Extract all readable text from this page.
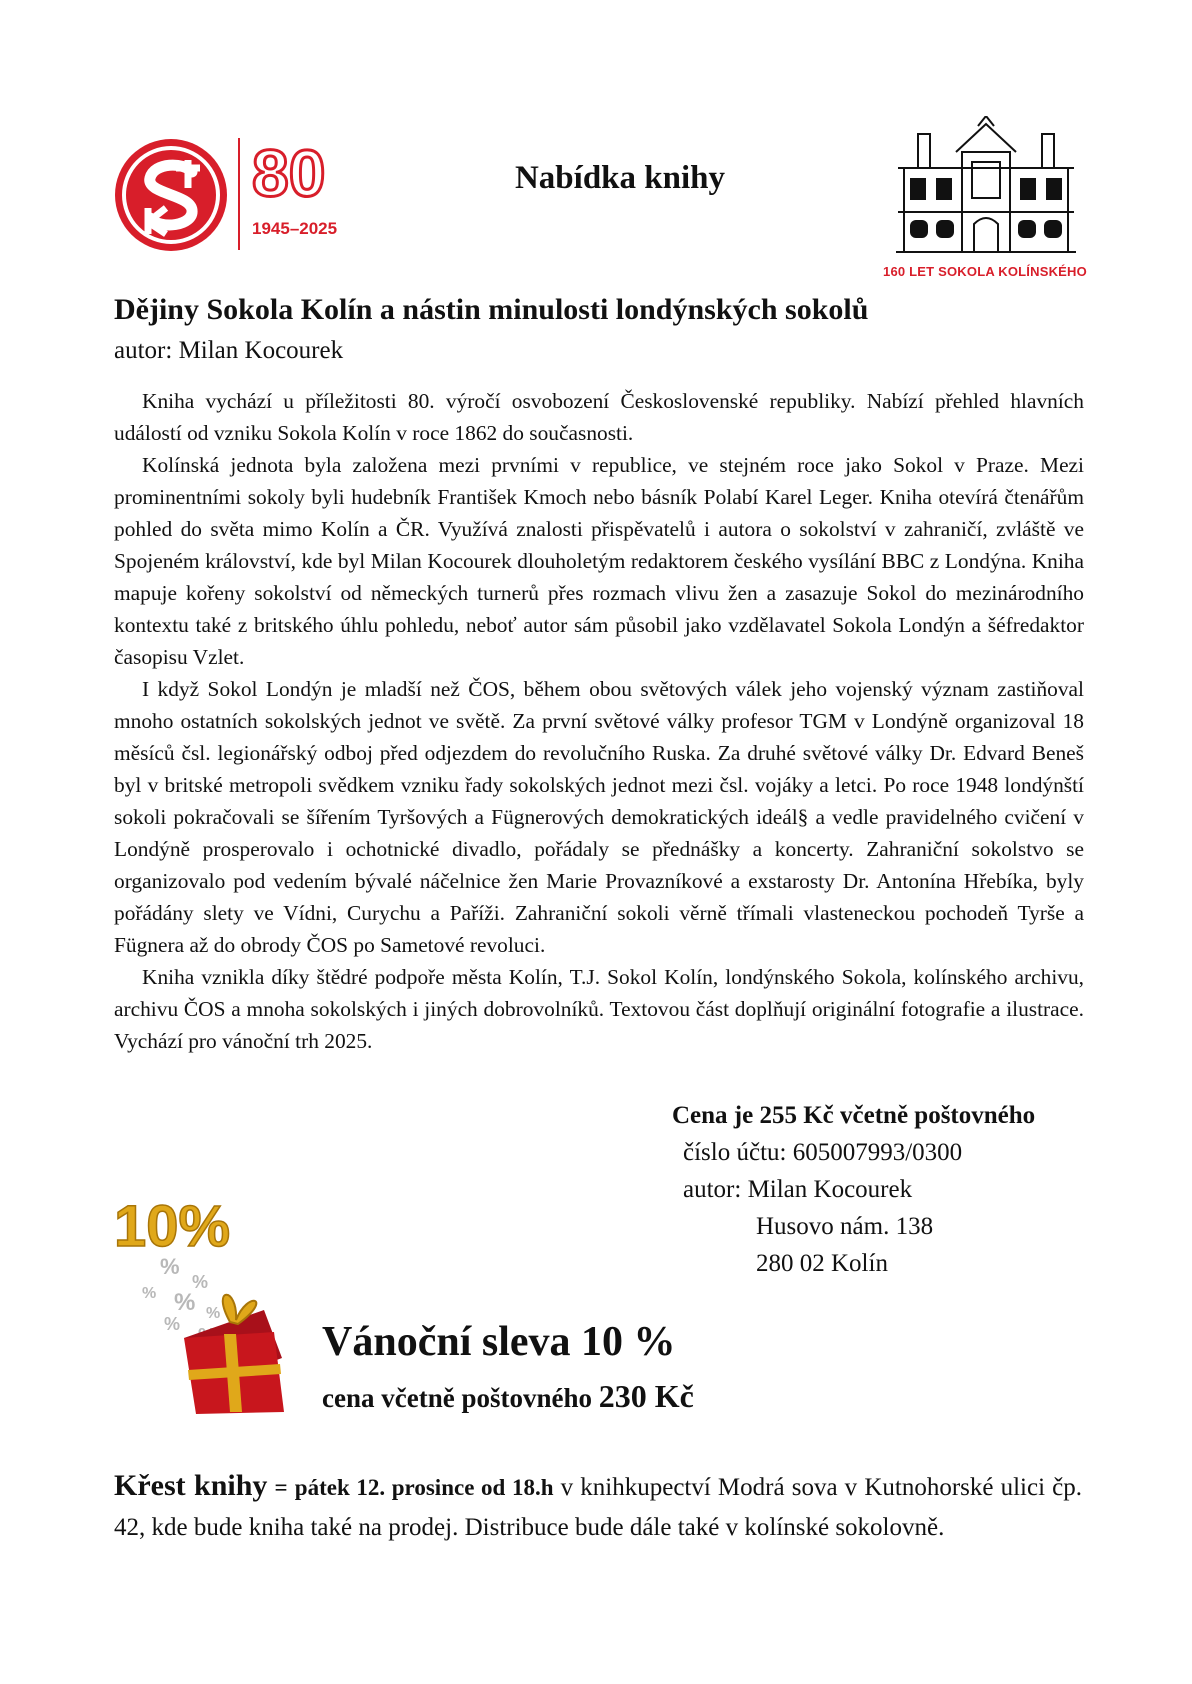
80
1945–2025
Nabídka knihy
160 LET SOKOLA KOLÍNSKÉHO
Dějiny Sokola Kolín a nástin minulosti londýnských sokolů
autor: Milan Kocourek

Kniha vychází u příležitosti 80. výročí osvobození Československé republiky. Nabízí přehled hlavních událostí od vzniku Sokola Kolín v roce 1862 do současnosti.

Kolínská jednota byla založena mezi prvními v republice, ve stejném roce jako Sokol v Praze. Mezi prominentními sokoly byli hudebník František Kmoch nebo básník Polabí Karel Leger. Kniha otevírá čtenářům pohled do světa mimo Kolín a ČR. Využívá znalosti přispěvatelů i autora o sokolství v zahraničí, zvláště ve Spojeném království, kde byl Milan Kocourek dlouholetým redaktorem českého vysílání BBC z Londýna. Kniha mapuje kořeny sokolství od německých turnerů přes rozmach vlivu žen a zasazuje Sokol do mezinárodního kontextu také z britského úhlu pohledu, neboť autor sám působil jako vzdělavatel Sokola Londýn a šéfredaktor časopisu Vzlet.

I když Sokol Londýn je mladší než ČOS, během obou světových válek jeho vojenský význam zastiňoval mnoho ostatních sokolských jednot ve světě. Za první světové války profesor TGM v Londýně organizoval 18 měsíců čsl. legionářský odboj před odjezdem do revolučního Ruska. Za druhé světové války Dr. Edvard Beneš byl v britské metropoli svědkem vzniku řady sokolských jednot mezi čsl. vojáky a letci. Po roce 1948 londýnští sokoli pokračovali se šířením Tyršových a Fügnerových demokratických ideál§ a vedle pravidelného cvičení v Londýně prosperovalo i ochotnické divadlo, pořádaly se přednášky a koncerty. Zahraniční sokolstvo se organizovalo pod vedením bývalé náčelnice žen Marie Provazníkové a exstarosty Dr. Antonína Hřebíka, byly pořádány slety ve Vídni, Curychu a Paříži. Zahraniční sokoli věrně třímali vlasteneckou pochodeň Tyrše a Fügnera až do obrody ČOS po Sametové revoluci.

Kniha vznikla díky štědré podpoře města Kolín, T.J. Sokol Kolín, londýnského Sokola, kolínského archivu, archivu ČOS a mnoha sokolských i jiných dobrovolníků. Textovou část doplňují originální fotografie a ilustrace. Vychází pro vánoční trh 2025.

Cena je 255 Kč včetně poštovného
číslo účtu: 605007993/0300
autor: Milan Kocourek
Husovo nám. 138
280 02 Kolín
10%
%
%
% % %
%	Vánoční sleva 10 %
cena včetně poštovného 230 Kč

Křest knihy = pátek 12. prosince od 18.h v knihkupectví Modrá sova v Kutnohorské ulici čp. 42, kde bude kniha také na prodej. Distribuce bude dále také v kolínské sokolovně.
